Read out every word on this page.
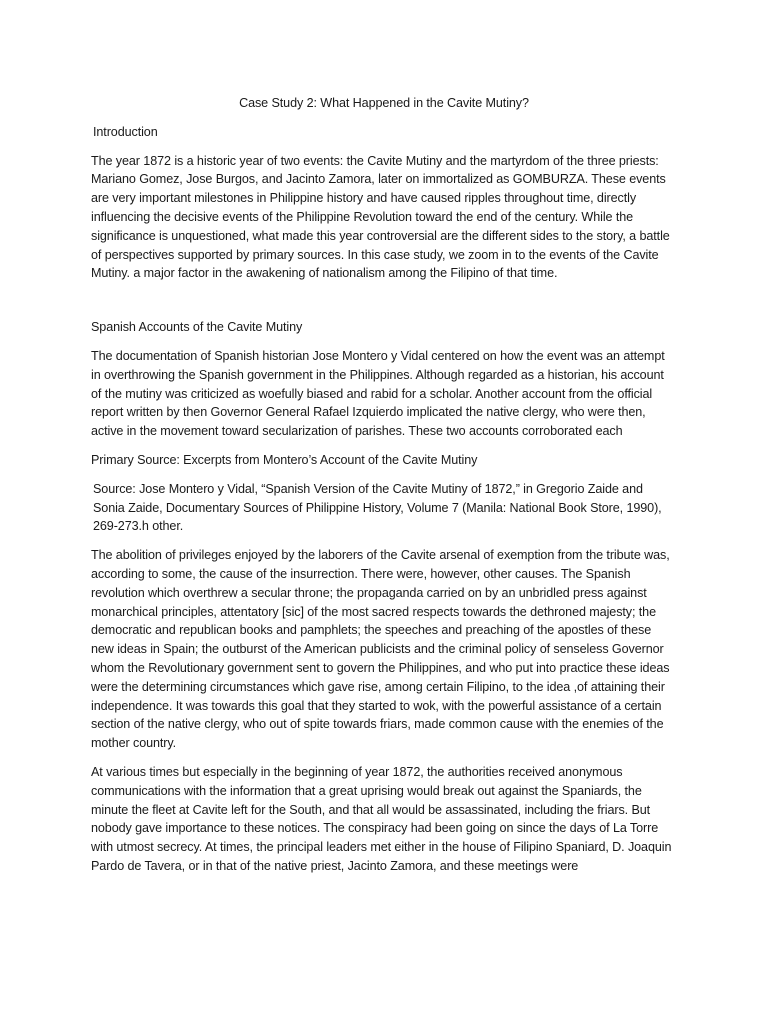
Case Study 2: What Happened in the Cavite Mutiny?
Introduction

The year 1872 is a historic year of two events: the Cavite Mutiny and the martyrdom of the three priests: Mariano Gomez, Jose Burgos, and Jacinto Zamora, later on immortalized as GOMBURZA. These events are very important milestones in Philippine history and have caused ripples throughout time, directly influencing the decisive events of the Philippine Revolution toward the end of the century. While the significance is unquestioned, what made this year controversial are the different sides to the story, a battle of perspectives supported by primary sources. In this case study, we zoom in to the events of the Cavite Mutiny. a major factor in the awakening of nationalism among the Filipino of that time.

Spanish Accounts of the Cavite Mutiny

The documentation of Spanish historian Jose Montero y Vidal centered on how the event was an attempt in overthrowing the Spanish government in the Philippines. Although regarded as a historian, his account of the mutiny was criticized as woefully biased and rabid for a scholar. Another account from the official report written by then Governor General Rafael Izquierdo implicated the native clergy, who were then, active in the movement toward secularization of parishes. These two accounts corroborated each

Primary Source: Excerpts from Montero’s Account of the Cavite Mutiny

Source: Jose Montero y Vidal, “Spanish Version of the Cavite Mutiny of 1872,” in Gregorio Zaide and Sonia Zaide, Documentary Sources of Philippine History, Volume 7 (Manila: National Book Store, 1990), 269-273.h other.

The abolition of privileges enjoyed by the laborers of the Cavite arsenal of exemption from the tribute was, according to some, the cause of the insurrection. There were, however, other causes. The Spanish revolution which overthrew a secular throne; the propaganda carried on by an unbridled press against monarchical principles, attentatory [sic] of the most sacred respects towards the dethroned majesty; the democratic and republican books and pamphlets; the speeches and preaching of the apostles of these new ideas in Spain; the outburst of the American publicists and the criminal policy of senseless Governor whom the Revolutionary government sent to govern the Philippines, and who put into practice these ideas were the determining circumstances which gave rise, among certain Filipino, to the idea ,of attaining their independence. It was towards this goal that they started to wok, with the powerful assistance of a certain section of the native clergy, who out of spite towards friars, made common cause with the enemies of the mother country.

At various times but especially in the beginning of year 1872, the authorities received anonymous communications with the information that a great uprising would break out against the Spaniards, the minute the fleet at Cavite left for the South, and that all would be assassinated, including the friars. But nobody gave importance to these notices. The conspiracy had been going on since the days of La Torre with utmost secrecy. At times, the principal leaders met either in the house of Filipino Spaniard, D. Joaquin Pardo de Tavera, or in that of the native priest, Jacinto Zamora, and these meetings were
